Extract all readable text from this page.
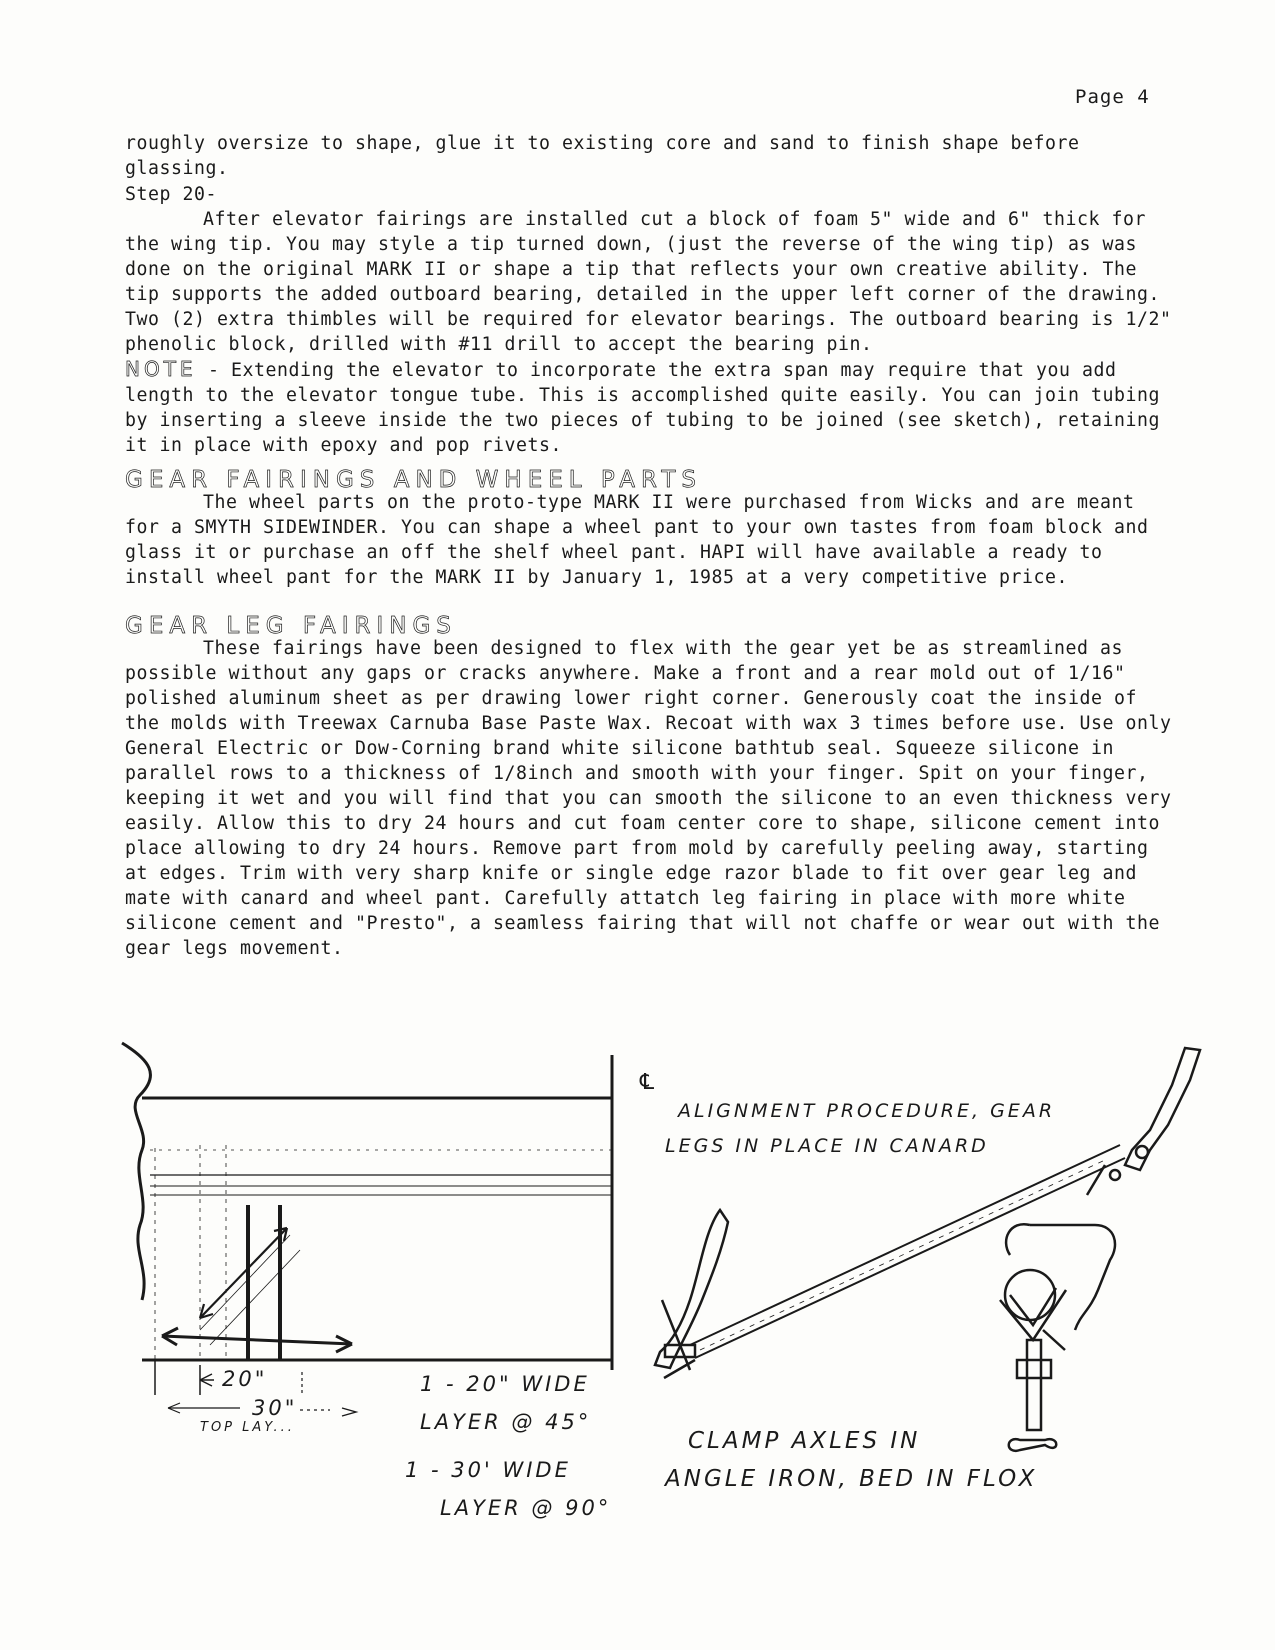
Page 4

roughly oversize to shape, glue it to existing core and sand to finish shape before glassing.

Step 20-

After elevator fairings are installed cut a block of foam 5" wide and 6" thick for the wing tip. You may style a tip turned down, (just the reverse of the wing tip) as was done on the original MARK II or shape a tip that reflects your own creative ability. The tip supports the added outboard bearing, detailed in the upper left corner of the drawing. Two (2) extra thimbles will be required for elevator bearings. The outboard bearing is 1/2" phenolic block, drilled with #11 drill to accept the bearing pin.

NOTE - Extending the elevator to incorporate the extra span may require that you add length to the elevator tongue tube. This is accomplished quite easily. You can join tubing by inserting a sleeve inside the two pieces of tubing to be joined (see sketch), retaining it in place with epoxy and pop rivets.

GEAR FAIRINGS AND WHEEL PARTS

The wheel parts on the proto-type MARK II were purchased from Wicks and are meant for a SMYTH SIDEWINDER. You can shape a wheel pant to your own tastes from foam block and glass it or purchase an off the shelf wheel pant. HAPI will have available a ready to install wheel pant for the MARK II by January 1, 1985 at a very competitive price.

GEAR LEG FAIRINGS

These fairings have been designed to flex with the gear yet be as streamlined as possible without any gaps or cracks anywhere. Make a front and a rear mold out of 1/16" polished aluminum sheet as per drawing lower right corner. Generously coat the inside of the molds with Treewax Carnuba Base Paste Wax. Recoat with wax 3 times before use. Use only General Electric or Dow-Corning brand white silicone bathtub seal. Squeeze silicone in parallel rows to a thickness of 1/8inch and smooth with your finger. Spit on your finger, keeping it wet and you will find that you can smooth the silicone to an even thickness very easily. Allow this to dry 24 hours and cut foam center core to shape, silicone cement into place allowing to dry 24 hours. Remove part from mold by carefully peeling away, starting at edges. Trim with very sharp knife or single edge razor blade to fit over gear leg and mate with canard and wheel pant. Carefully attatch leg fairing in place with more white silicone cement and "Presto", a seamless fairing that will not chaffe or wear out with the gear legs movement.

℄
20"
30"
TOP LAY...
1 - 20" WIDE
LAYER @ 45°
1 - 30' WIDE
LAYER @ 90°
ALIGNMENT PROCEDURE, GEAR
LEGS IN PLACE IN CANARD
CLAMP AXLES IN
ANGLE IRON, BED IN FLOX
